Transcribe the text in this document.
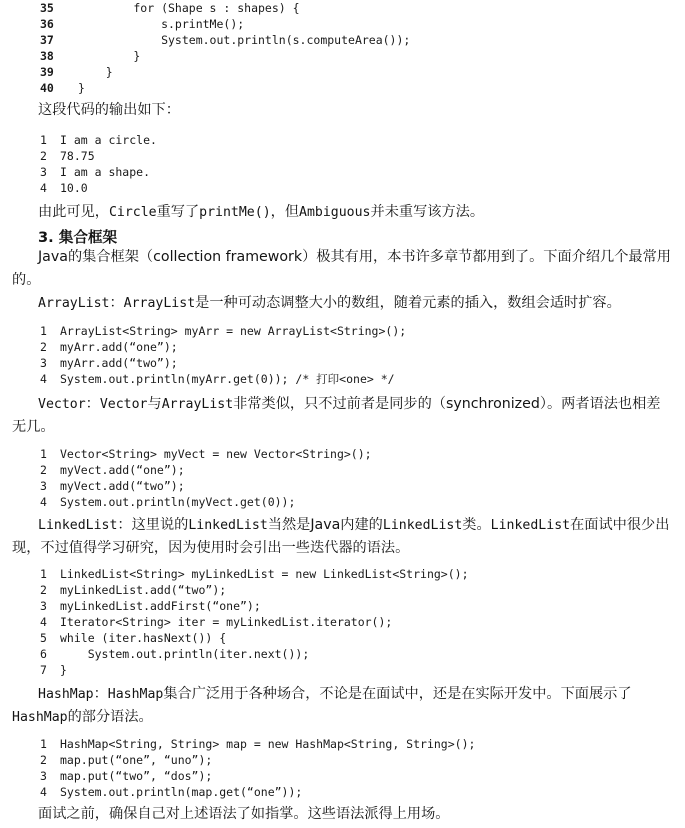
35        for (Shape s : shapes) {
36            s.printMe();
37            System.out.println(s.computeArea());
38        }
39    }
40 }

这段代码的输出如下：

1 I am a circle.
2 78.75
3 I am a shape.
4 10.0

由此可见，Circle重写了printMe()，但Ambiguous并未重写该方法。

3. 集合框架

Java的集合框架（collection framework）极其有用，本书许多章节都用到了。下面介绍几个最常用的。

ArrayList：ArrayList是一种可动态调整大小的数组，随着元素的插入，数组会适时扩容。

1 ArrayList<String> myArr = new ArrayList<String>();
2 myArr.add(“one”);
3 myArr.add(“two”);
4 System.out.println(myArr.get(0)); /* 打印<one> */

Vector：Vector与ArrayList非常类似，只不过前者是同步的（synchronized）。两者语法也相差无几。

1 Vector<String> myVect = new Vector<String>();
2 myVect.add(“one”);
3 myVect.add(“two”);
4 System.out.println(myVect.get(0));

LinkedList：这里说的LinkedList当然是Java内建的LinkedList类。LinkedList在面试中很少出现，不过值得学习研究，因为使用时会引出一些迭代器的语法。

1 LinkedList<String> myLinkedList = new LinkedList<String>();
2 myLinkedList.add(“two”);
3 myLinkedList.addFirst(“one”);
4 Iterator<String> iter = myLinkedList.iterator();
5 while (iter.hasNext()) {
6    System.out.println(iter.next());
7 }

HashMap：HashMap集合广泛用于各种场合，不论是在面试中，还是在实际开发中。下面展示了HashMap的部分语法。

1 HashMap<String, String> map = new HashMap<String, String>();
2 map.put(“one”, “uno”);
3 map.put(“two”, “dos”);
4 System.out.println(map.get(“one”));

面试之前，确保自己对上述语法了如指掌。这些语法派得上用场。
